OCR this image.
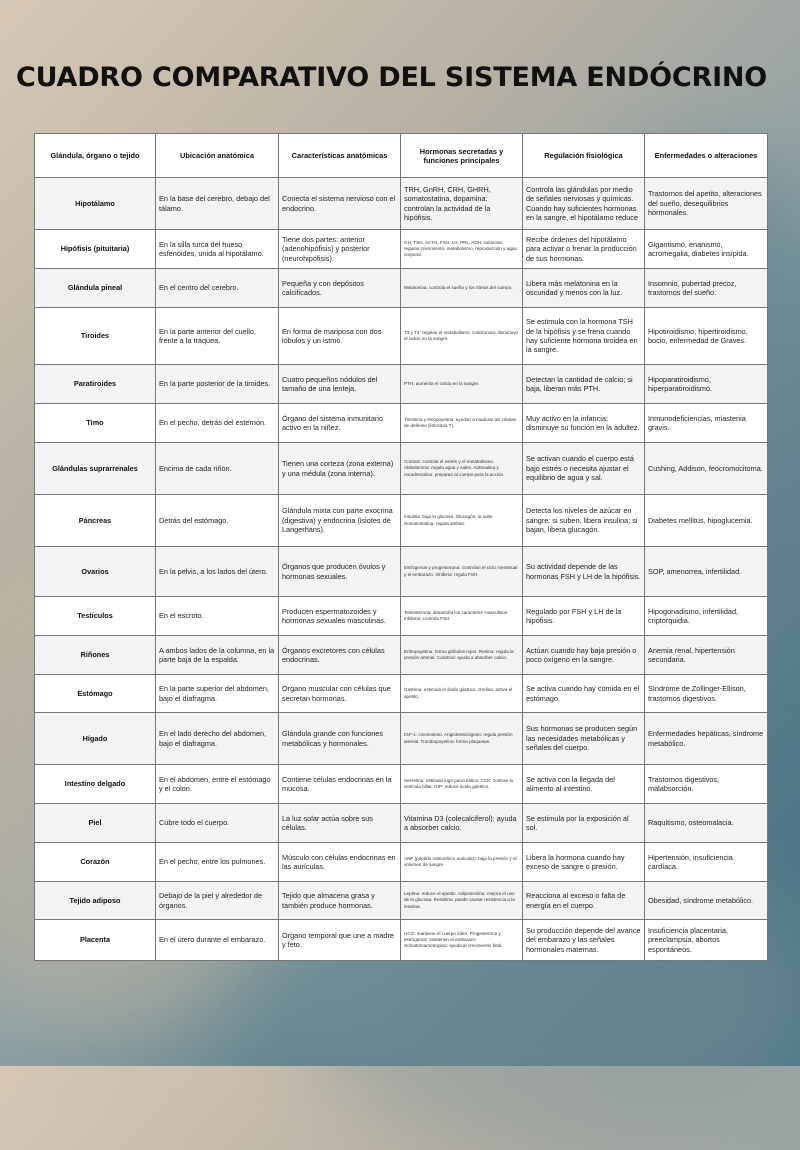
CUADRO COMPARATIVO DEL SISTEMA ENDÓCRINO
Glándula, órgano o tejido	Ubicación anatómica	Características anatómicas	Hormonas secretadas y funciones principales	Regulación fisiológica	Enfermedades o alteraciones

Hipotálamo	En la base del cerebro, debajo del tálamo.	Conecta el sistema nervioso con el endocrino.	TRH, GnRH, CRH, GHRH, somatostatina, dopamina: controlan la actividad de la hipófisis.	Controla las glándulas por medio de señales nerviosas y químicas. Cuando hay suficientes hormonas en la sangre, el hipotálamo reduce	Trastornos del apetito, alteraciones del sueño, desequilibrios hormonales.

Hipófisis (pituitaria)	En la silla turca del hueso esfenoides, unida al hipotálamo.	Tiene dos partes: anterior (adenohipófisis) y posterior (neurohipófisis).	GH, TSH, ACTH, FSH, LH, PRL, ADH, oxitocina: regulan crecimiento, metabolismo, reproducción y agua corporal.	Recibe órdenes del hipotálamo para activar o frenar la producción de sus hormonas.	Gigantismo, enanismo, acromegalia, diabetes insípida.

Glándula pineal	En el centro del cerebro.	Pequeña y con depósitos calcificados.	Melatonina: controla el sueño y los ritmos del cuerpo.	Libera más melatonina en la oscuridad y menos con la luz.	Insomnio, pubertad precoz, trastornos del sueño.

Tiroides	En la parte anterior del cuello, frente a la tráquea.	En forma de mariposa con dos lóbulos y un istmo.	T3 y T4: regulan el metabolismo. Calcitonina: disminuye el calcio en la sangre.	Se estimula con la hormona TSH de la hipófisis y se frena cuando hay suficiente hormona tiroidea en la sangre.	Hipotiroidismo, hipertiroidismo, bocio, enfermedad de Graves.

Paratiroides	En la parte posterior de la tiroides.	Cuatro pequeños nódulos del tamaño de una lenteja.	PTH: aumenta el calcio en la sangre.	Detectan la cantidad de calcio; si baja, liberan más PTH.	Hipoparatiroidismo, hiperparatiroidismo.

Timo	En el pecho, detrás del esternón.	Órgano del sistema inmunitario activo en la niñez.	Timosina y timopoyetina: ayudan a madurar las células de defensa (linfocitos T).	Muy activo en la infancia; disminuye su función en la adultez.	Inmunodeficiencias, miastenia gravis.

Glándulas suprarrenales	Encima de cada riñón.	Tienen una corteza (zona externa) y una médula (zona interna).	Cortisol: controla el estrés y el metabolismo. Aldosterona: regula agua y sales. Adrenalina y noradrenalina: preparan al cuerpo para la acción.	Se activan cuando el cuerpo está bajo estrés o necesita ajustar el equilibrio de agua y sal.	Cushing, Addison, feocromocitoma.

Páncreas	Detrás del estómago.	Glándula mixta con parte exocrina (digestiva) y endocrina (islotes de Langerhans).	Insulina: baja la glucosa. Glucagón: la sube. Somatostatina: regula ambas.	Detecta los niveles de azúcar en sangre: si suben, libera insulina; si bajan, libera glucagón.	Diabetes mellitus, hipoglucemia.

Ovarios	En la pelvis, a los lados del útero.	Órganos que producen óvulos y hormonas sexuales.	Estrógenos y progesterona: controlan el ciclo menstrual y el embarazo. Inhibina: regula FSH.	Su actividad depende de las hormonas FSH y LH de la hipófisis.	SOP, amenorrea, infertilidad.

Testículos	En el escroto.	Producen espermatozoides y hormonas sexuales masculinas.	Testosterona: desarrolla los caracteres masculinos. Inhibina: controla FSH.	Regulado por FSH y LH de la hipófisis.	Hipogonadismo, infertilidad, criptorquidia.

Riñones	A ambos lados de la columna, en la parte baja de la espalda.	Órganos excretores con células endocrinas.	Eritropoyetina: forma glóbulos rojos. Renina: regula la presión arterial. Calcitriol: ayuda a absorber calcio.	Actúan cuando hay baja presión o poco oxígeno en la sangre.	Anemia renal, hipertensión secundaria.

Estómago	En la parte superior del abdomen, bajo el diafragma.	Órgano muscular con células que secretan hormonas.	Gastrina: estimula el ácido gástrico. Grelina: activa el apetito.	Se activa cuando hay comida en el estómago.	Síndrome de Zollinger-Ellison, trastornos digestivos.

Hígado	En el lado derecho del abdomen, bajo el diafragma.	Glándula grande con funciones metabólicas y hormonales.	IGF-1: crecimiento. Angiotensinógeno: regula presión arterial. Trombopoyetina: forma plaquetas.	Sus hormonas se producen según las necesidades metabólicas y señales del cuerpo.	Enfermedades hepáticas, síndrome metabólico.

Intestino delgado	En el abdomen, entre el estómago y el colon.	Contiene células endocrinas en la mucosa.	Secretina: estimula jugo pancreático. CCK: contrae la vesícula biliar. GIP: reduce ácido gástrico.	Se activa con la llegada del alimento al intestino.	Trastornos digestivos, malabsorción.

Piel	Cubre todo el cuerpo.	La luz solar actúa sobre sus células.	Vitamina D3 (colecalciferol): ayuda a absorber calcio.	Se estimula por la exposición al sol.	Raquitismo, osteomalacia.

Corazón	En el pecho, entre los pulmones.	Músculo con células endocrinas en las aurículas.	ANP (péptido natriurético auricular): baja la presión y el volumen de sangre.	Libera la hormona cuando hay exceso de sangre o presión.	Hipertensión, insuficiencia cardíaca.

Tejido adiposo	Debajo de la piel y alrededor de órganos.	Tejido que almacena grasa y también produce hormonas.	Leptina: reduce el apetito. Adiponectina: mejora el uso de la glucosa. Resistina: puede causar resistencia a la insulina.	Reacciona al exceso o falta de energía en el cuerpo.	Obesidad, síndrome metabólico.

Placenta	En el útero durante el embarazo.	Órgano temporal que une a madre y feto.	HCG: mantiene el cuerpo lúteo. Progesterona y estrógenos: sostienen el embarazo. Somatomamotropina: ayuda al crecimiento fetal.	Su producción depende del avance del embarazo y las señales hormonales maternas.	Insuficiencia placentaria, preeclampsia, abortos espontáneos.
